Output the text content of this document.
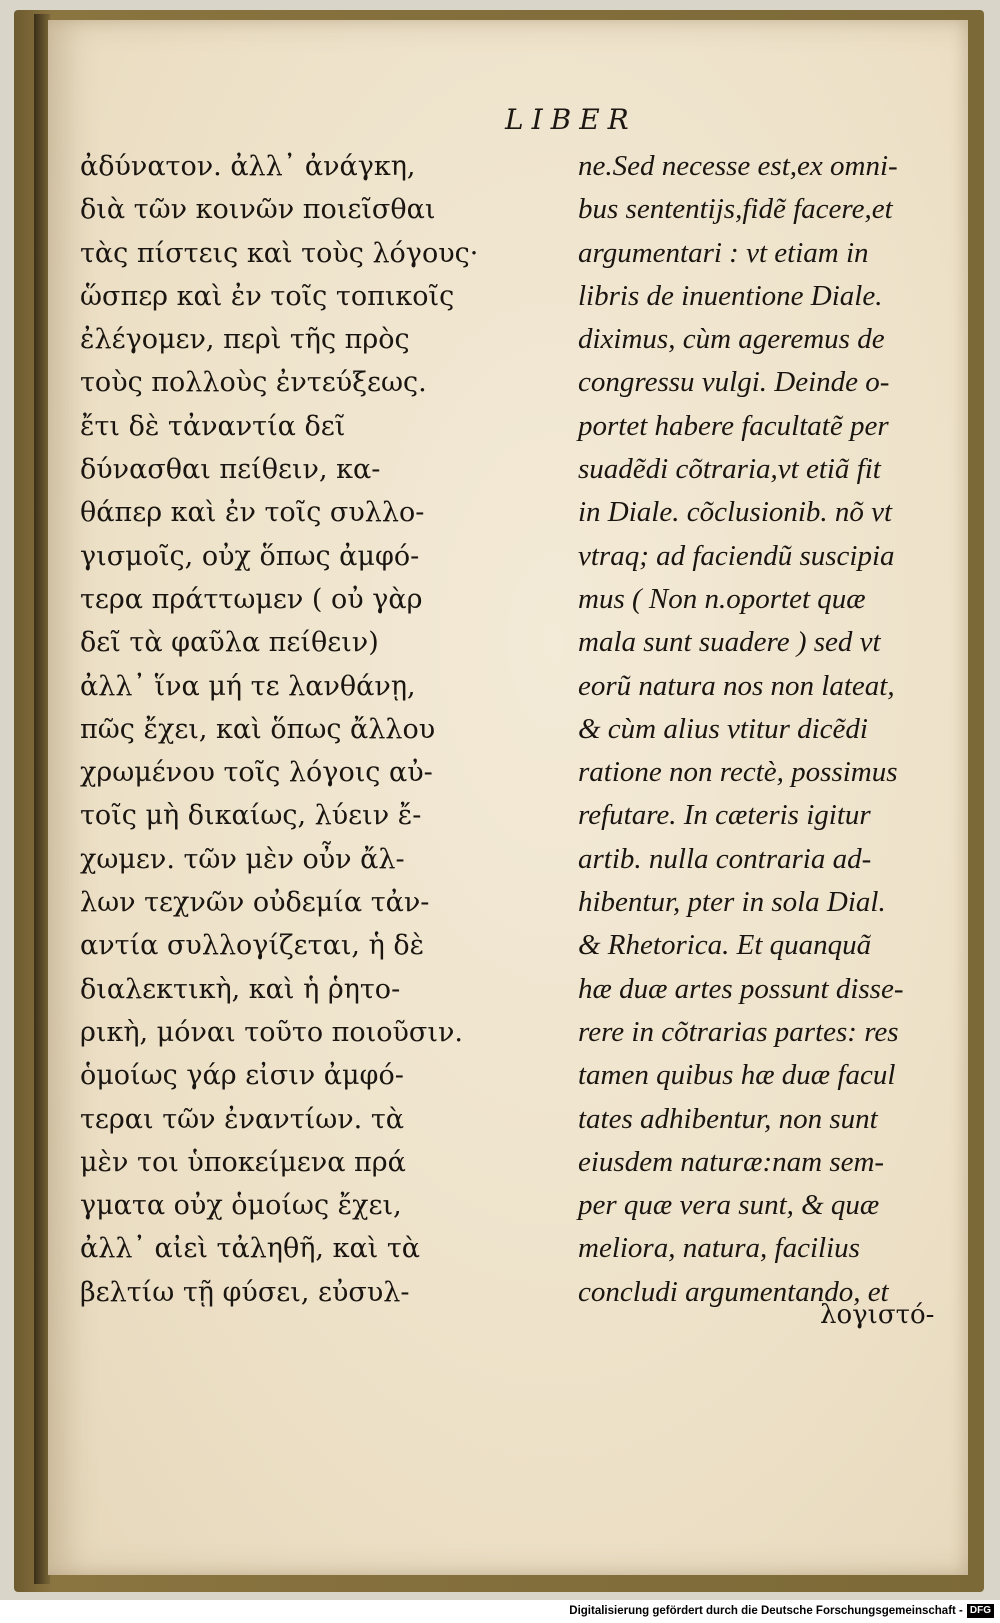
LIBER
ἀδύνατον. ἀλλ᾿ ἀνάγκη,
διὰ τῶν κοινῶν ποιεῖσθαι
τὰς πίστεις καὶ τοὺς λόγους·
ὥσπερ καὶ ἐν τοῖς τοπικοῖς
ἐλέγομεν, περὶ τῆς πρὸς
τοὺς πολλοὺς ἐντεύξεως.
ἔτι δὲ τἀναντία δεῖ
δύνασθαι πείθειν, κα-
θάπερ καὶ ἐν τοῖς συλλο-
γισμοῖς, οὐχ ὅπως ἀμφό-
τερα πράττωμεν ( οὐ γὰρ
δεῖ τὰ φαῦλα πείθειν)
ἀλλ᾿ ἵνα μή τε λανθάνῃ,
πῶς ἔχει, καὶ ὅπως ἄλλου
χρωμένου τοῖς λόγοις αὐ-
τοῖς μὴ δικαίως, λύειν ἔ-
χωμεν. τῶν μὲν οὖν ἄλ-
λων τεχνῶν οὐδεμία τἀν-
αντία συλλογίζεται, ἡ δὲ
διαλεκτικὴ, καὶ ἡ ῥητο-
ρικὴ, μόναι τοῦτο ποιοῦσιν.
ὁμοίως γάρ εἰσιν ἀμφό-
τεραι τῶν ἐναντίων. τὰ
μὲν τοι ὑποκείμενα πρά
γματα οὐχ ὁμοίως ἔχει,
ἀλλ᾿ αἰεὶ τἀληθῆ, καὶ τὰ
βελτίω τῇ φύσει, εὐσυλ-
ne.Sed necesse est,ex omni-
bus sententijs,fidẽ facere,et
argumentari : vt etiam in
libris de inuentione Diale.
diximus, cùm ageremus de
congressu vulgi. Deinde o-
portet habere facultatẽ per
suadẽdi cõtraria,vt etiã fit
in Diale. cõclusionib. nõ vt
vtraq; ad faciendũ suscipia
mus ( Non n.oportet quæ
mala sunt suadere ) sed vt
eorũ natura nos non lateat,
& cùm alius vtitur dicẽdi
ratione non rectè, possimus
refutare. In cæteris igitur
artib. nulla contraria ad-
hibentur, pter in sola Dial.
& Rhetorica. Et quanquã
hæ duæ artes possunt disse-
rere in cõtrarias partes: res
tamen quibus hæ duæ facul
tates adhibentur, non sunt
eiusdem naturæ:nam sem-
per quæ vera sunt, & quæ
meliora, natura, facilius
concludi argumentando, et
λογιστό-
Digitalisierung gefördert durch die Deutsche Forschungsgemeinschaft - DFG
